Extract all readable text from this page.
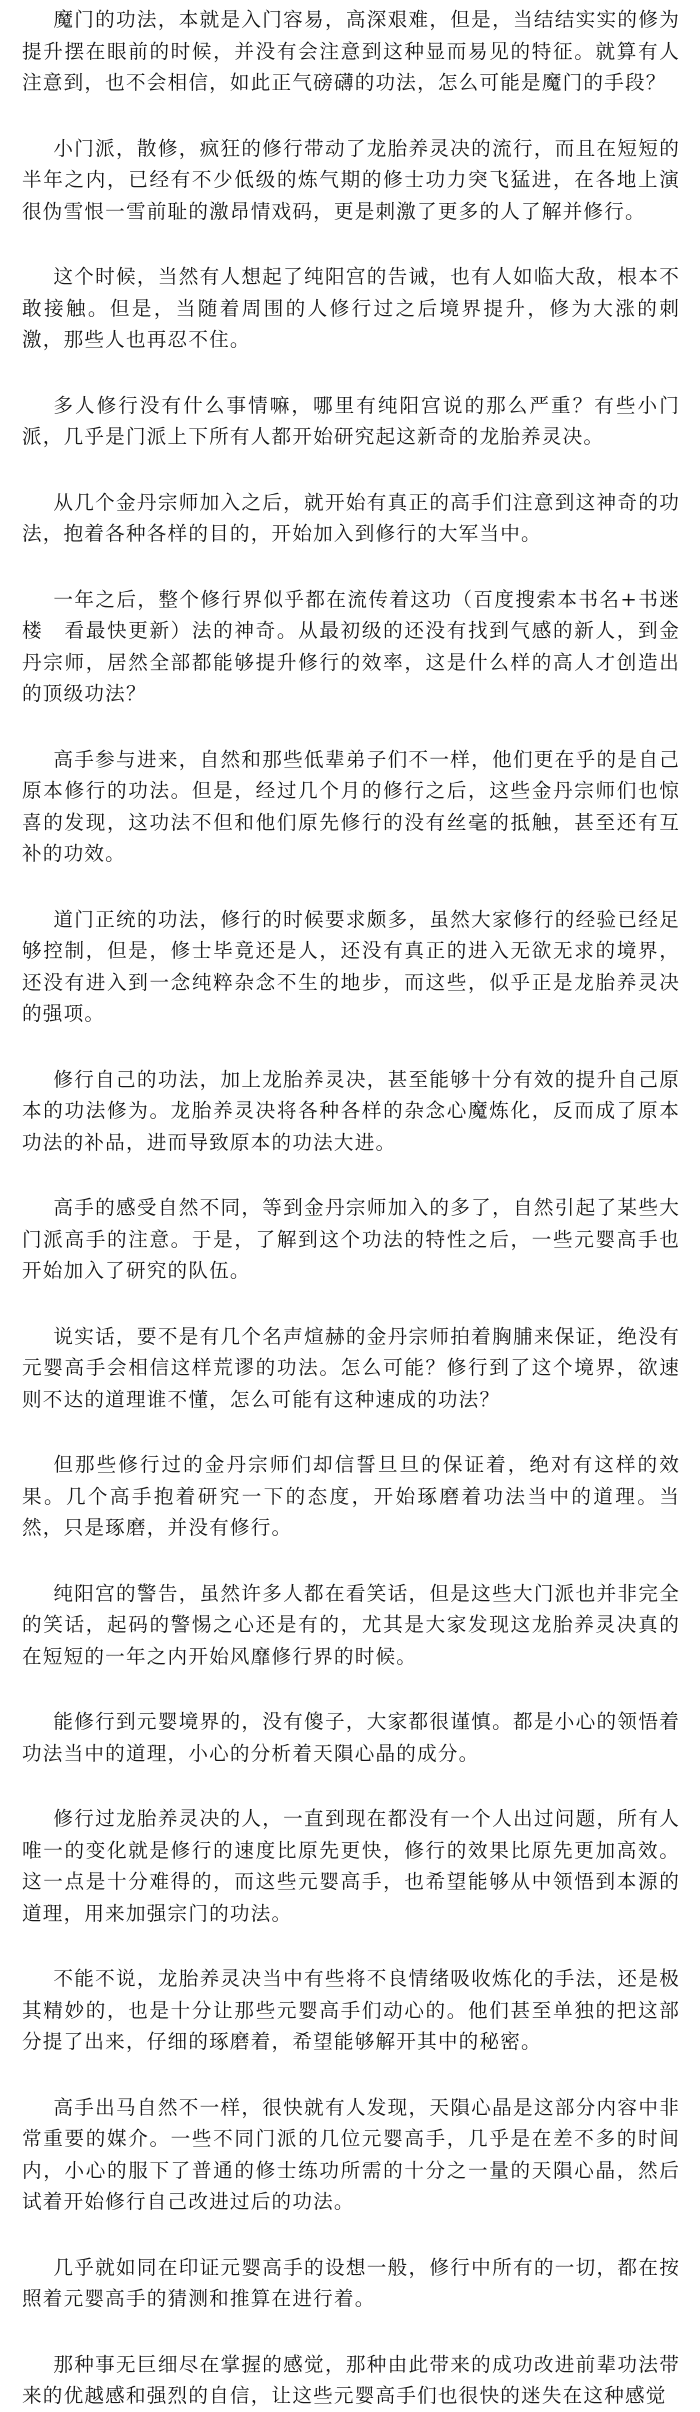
魔门的功法，本就是入门容易，高深艰难，但是，当结结实实的修为提升摆在眼前的时候，并没有会注意到这种显而易见的特征。就算有人注意到，也不会相信，如此正气磅礴的功法，怎么可能是魔门的手段？

小门派，散修，疯狂的修行带动了龙胎养灵决的流行，而且在短短的半年之内，已经有不少低级的炼气期的修士功力突飞猛进，在各地上演很伪雪恨一雪前耻的激昂情戏码，更是刺激了更多的人了解并修行。

这个时候，当然有人想起了纯阳宫的告诫，也有人如临大敌，根本不敢接触。但是，当随着周围的人修行过之后境界提升，修为大涨的刺激，那些人也再忍不住。

多人修行没有什么事情嘛，哪里有纯阳宫说的那么严重？有些小门派，几乎是门派上下所有人都开始研究起这新奇的龙胎养灵决。

从几个金丹宗师加入之后，就开始有真正的高手们注意到这神奇的功法，抱着各种各样的目的，开始加入到修行的大军当中。

一年之后，整个修行界似乎都在流传着这功（百度搜索本书名+书迷楼　看最快更新）法的神奇。从最初级的还没有找到气感的新人，到金丹宗师，居然全部都能够提升修行的效率，这是什么样的高人才创造出的顶级功法？

高手参与进来，自然和那些低辈弟子们不一样，他们更在乎的是自己原本修行的功法。但是，经过几个月的修行之后，这些金丹宗师们也惊喜的发现，这功法不但和他们原先修行的没有丝毫的抵触，甚至还有互补的功效。

道门正统的功法，修行的时候要求颇多，虽然大家修行的经验已经足够控制，但是，修士毕竟还是人，还没有真正的进入无欲无求的境界，还没有进入到一念纯粹杂念不生的地步，而这些，似乎正是龙胎养灵决的强项。

修行自己的功法，加上龙胎养灵决，甚至能够十分有效的提升自己原本的功法修为。龙胎养灵决将各种各样的杂念心魔炼化，反而成了原本功法的补品，进而导致原本的功法大进。

高手的感受自然不同，等到金丹宗师加入的多了，自然引起了某些大门派高手的注意。于是，了解到这个功法的特性之后，一些元婴高手也开始加入了研究的队伍。

说实话，要不是有几个名声煊赫的金丹宗师拍着胸脯来保证，绝没有元婴高手会相信这样荒谬的功法。怎么可能？修行到了这个境界，欲速则不达的道理谁不懂，怎么可能有这种速成的功法？

但那些修行过的金丹宗师们却信誓旦旦的保证着，绝对有这样的效果。几个高手抱着研究一下的态度，开始琢磨着功法当中的道理。当然，只是琢磨，并没有修行。

纯阳宫的警告，虽然许多人都在看笑话，但是这些大门派也并非完全的笑话，起码的警惕之心还是有的，尤其是大家发现这龙胎养灵决真的在短短的一年之内开始风靡修行界的时候。

能修行到元婴境界的，没有傻子，大家都很谨慎。都是小心的领悟着功法当中的道理，小心的分析着天隕心晶的成分。

修行过龙胎养灵决的人，一直到现在都没有一个人出过问题，所有人唯一的变化就是修行的速度比原先更快，修行的效果比原先更加高效。这一点是十分难得的，而这些元婴高手，也希望能够从中领悟到本源的道理，用来加强宗门的功法。

不能不说，龙胎养灵决当中有些将不良情绪吸收炼化的手法，还是极其精妙的，也是十分让那些元婴高手们动心的。他们甚至单独的把这部分提了出来，仔细的琢磨着，希望能够解开其中的秘密。

高手出马自然不一样，很快就有人发现，天隕心晶是这部分内容中非常重要的媒介。一些不同门派的几位元婴高手，几乎是在差不多的时间内，小心的服下了普通的修士练功所需的十分之一量的天隕心晶，然后试着开始修行自己改进过后的功法。

几乎就如同在印证元婴高手的设想一般，修行中所有的一切，都在按照着元婴高手的猜测和推算在进行着。

那种事无巨细尽在掌握的感觉，那种由此带来的成功改进前辈功法带来的优越感和强烈的自信，让这些元婴高手们也很快的迷失在这种感觉
